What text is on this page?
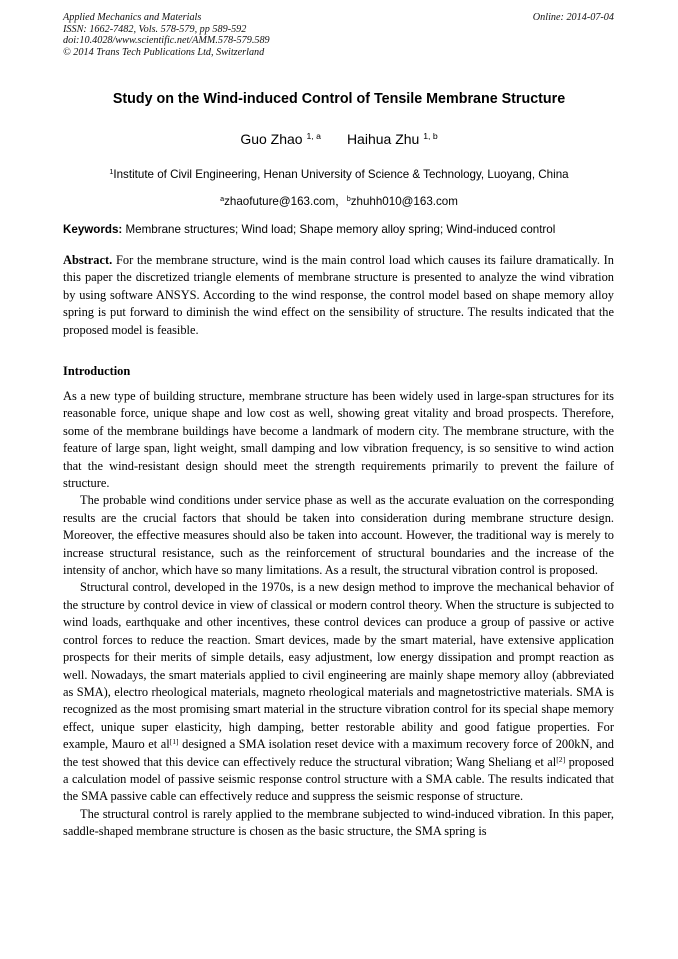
Applied Mechanics and Materials
ISSN: 1662-7482, Vols. 578-579, pp 589-592
doi:10.4028/www.scientific.net/AMM.578-579.589
© 2014 Trans Tech Publications Ltd, Switzerland
Online: 2014-07-04
Study on the Wind-induced Control of Tensile Membrane Structure
Guo Zhao $^{1, a}$ Haihua Zhu $^{1, b}$
$^1$Institute of Civil Engineering, Henan University of Science & Technology, Luoyang, China
$^a$zhaofuture@163.com，$^b$zhuhh010@163.com
Keywords: Membrane structures; Wind load; Shape memory alloy spring; Wind-induced control
Abstract. For the membrane structure, wind is the main control load which causes its failure dramatically. In this paper the discretized triangle elements of membrane structure is presented to analyze the wind vibration by using software ANSYS. According to the wind response, the control model based on shape memory alloy spring is put forward to diminish the wind effect on the sensibility of structure. The results indicated that the proposed model is feasible.
Introduction

As a new type of building structure, membrane structure has been widely used in large-span structures for its reasonable force, unique shape and low cost as well, showing great vitality and broad prospects. Therefore, some of the membrane buildings have become a landmark of modern city. The membrane structure, with the feature of large span, light weight, small damping and low vibration frequency, is so sensitive to wind action that the wind-resistant design should meet the strength requirements primarily to prevent the failure of structure.

The probable wind conditions under service phase as well as the accurate evaluation on the corresponding results are the crucial factors that should be taken into consideration during membrane structure design. Moreover, the effective measures should also be taken into account. However, the traditional way is merely to increase structural resistance, such as the reinforcement of structural boundaries and the increase of the intensity of anchor, which have so many limitations. As a result, the structural vibration control is proposed.

Structural control, developed in the 1970s, is a new design method to improve the mechanical behavior of the structure by control device in view of classical or modern control theory. When the structure is subjected to wind loads, earthquake and other incentives, these control devices can produce a group of passive or active control forces to reduce the reaction. Smart devices, made by the smart material, have extensive application prospects for their merits of simple details, easy adjustment, low energy dissipation and prompt reaction as well. Nowadays, the smart materials applied to civil engineering are mainly shape memory alloy (abbreviated as SMA), electro rheological materials, magneto rheological materials and magnetostrictive materials. SMA is recognized as the most promising smart material in the structure vibration control for its special shape memory effect, unique super elasticity, high damping, better restorable ability and good fatigue properties. For example, Mauro et al[1] designed a SMA isolation reset device with a maximum recovery force of 200kN, and the test showed that this device can effectively reduce the structural vibration; Wang Sheliang et al[2] proposed a calculation model of passive seismic response control structure with a SMA cable. The results indicated that the SMA passive cable can effectively reduce and suppress the seismic response of structure.

The structural control is rarely applied to the membrane subjected to wind-induced vibration. In this paper, saddle-shaped membrane structure is chosen as the basic structure, the SMA spring is
